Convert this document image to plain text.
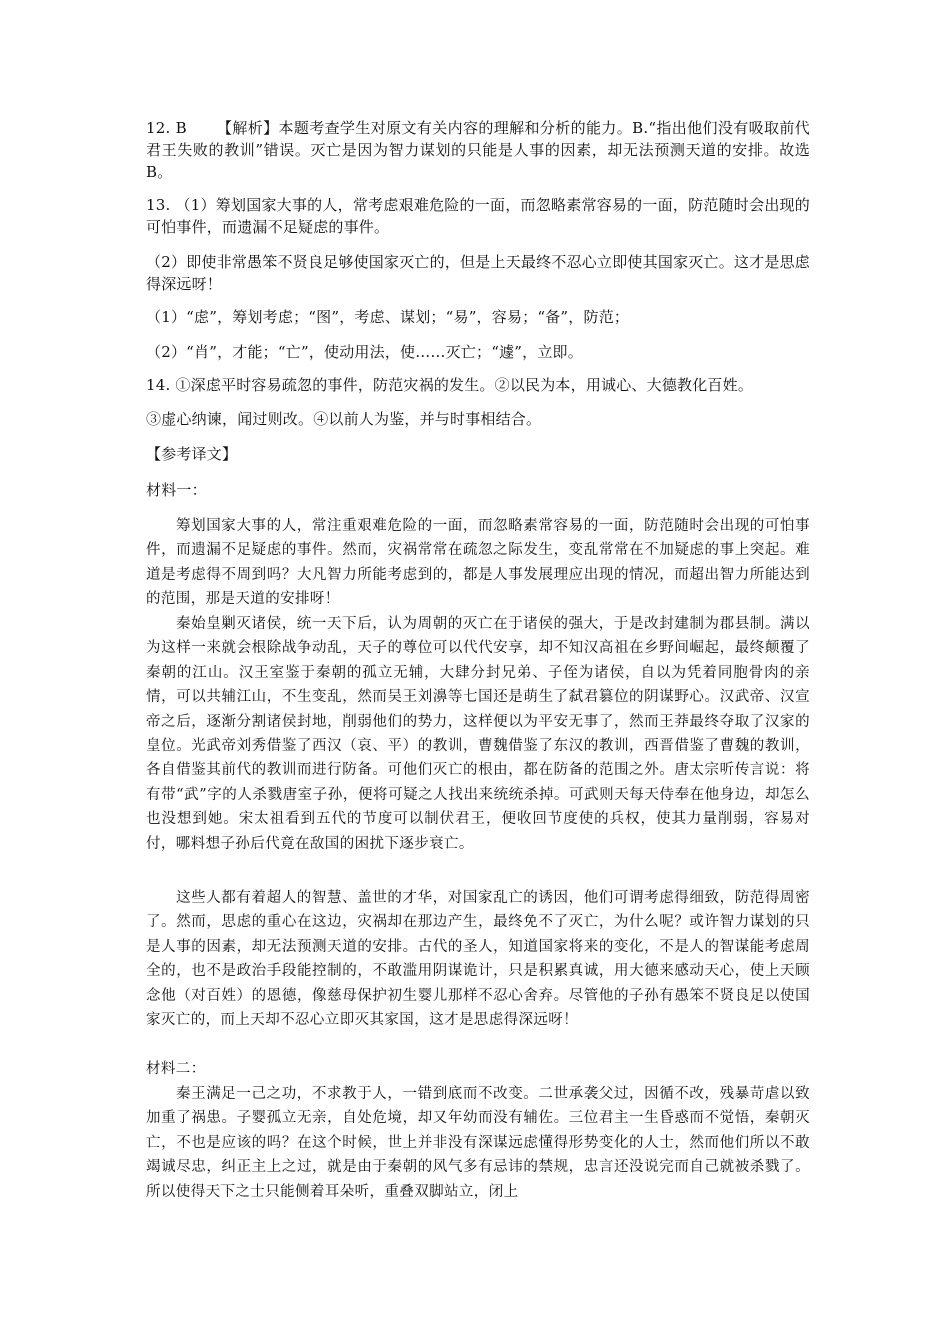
12. B 【解析】本题考查学生对原文有关内容的理解和分析的能力。B.“指出他们没有吸取前代君王失败的教训”错误。灭亡是因为智力谋划的只能是人事的因素，却无法预测天道的安排。故选B。

13. （1）筹划国家大事的人，常考虑艰难危险的一面，而忽略素常容易的一面，防范随时会出现的可怕事件，而遗漏不足疑虑的事件。

（2）即使非常愚笨不贤良足够使国家灭亡的，但是上天最终不忍心立即使其国家灭亡。这才是思虑得深远呀！

（1）“虑”，筹划考虑；“图”，考虑、谋划；“易”，容易；“备”，防范；

（2）“肖”，才能；“亡”，使动用法，使……灭亡；“遽”，立即。

14. ①深虑平时容易疏忽的事件，防范灾祸的发生。②以民为本，用诚心、大德教化百姓。

③虚心纳谏，闻过则改。④以前人为鉴，并与时事相结合。

【参考译文】

材料一：

筹划国家大事的人，常注重艰难危险的一面，而忽略素常容易的一面，防范随时会出现的可怕事件，而遗漏不足疑虑的事件。然而，灾祸常常在疏忽之际发生，变乱常常在不加疑虑的事上突起。难道是考虑得不周到吗？大凡智力所能考虑到的，都是人事发展理应出现的情况，而超出智力所能达到的范围，那是天道的安排呀！

秦始皇剿灭诸侯，统一天下后，认为周朝的灭亡在于诸侯的强大，于是改封建制为郡县制。满以为这样一来就会根除战争动乱，天子的尊位可以代代安享，却不知汉高祖在乡野间崛起，最终颠覆了秦朝的江山。汉王室鉴于秦朝的孤立无辅，大肆分封兄弟、子侄为诸侯，自以为凭着同胞骨肉的亲情，可以共辅江山，不生变乱，然而吴王刘濞等七国还是萌生了弑君篡位的阴谋野心。汉武帝、汉宣帝之后，逐渐分割诸侯封地，削弱他们的势力，这样便以为平安无事了，然而王莽最终夺取了汉家的皇位。光武帝刘秀借鉴了西汉（哀、平）的教训，曹魏借鉴了东汉的教训，西晋借鉴了曹魏的教训，各自借鉴其前代的教训而进行防备。可他们灭亡的根由，都在防备的范围之外。唐太宗听传言说：将有带“武”字的人杀戮唐室子孙，便将可疑之人找出来统统杀掉。可武则天每天侍奉在他身边，却怎么也没想到她。宋太祖看到五代的节度可以制伏君王，便收回节度使的兵权，使其力量削弱，容易对付，哪料想子孙后代竟在敌国的困扰下逐步衰亡。

这些人都有着超人的智慧、盖世的才华，对国家乱亡的诱因，他们可谓考虑得细致，防范得周密了。然而，思虑的重心在这边，灾祸却在那边产生，最终免不了灭亡，为什么呢？或许智力谋划的只是人事的因素，却无法预测天道的安排。古代的圣人，知道国家将来的变化，不是人的智谋能考虑周全的，也不是政治手段能控制的，不敢滥用阴谋诡计，只是积累真诚，用大德来感动天心，使上天顾念他（对百姓）的恩德，像慈母保护初生婴儿那样不忍心舍弃。尽管他的子孙有愚笨不贤良足以使国家灭亡的，而上天却不忍心立即灭其家国，这才是思虑得深远呀！

材料二：

秦王满足一己之功，不求教于人，一错到底而不改变。二世承袭父过，因循不改，残暴苛虐以致加重了祸患。子婴孤立无亲，自处危境，却又年幼而没有辅佐。三位君主一生昏惑而不觉悟，秦朝灭亡，不也是应该的吗？在这个时候，世上并非没有深谋远虑懂得形势变化的人士，然而他们所以不敢竭诚尽忠，纠正主上之过，就是由于秦朝的风气多有忌讳的禁规，忠言还没说完而自己就被杀戮了。所以使得天下之士只能侧着耳朵听，重叠双脚站立，闭上
